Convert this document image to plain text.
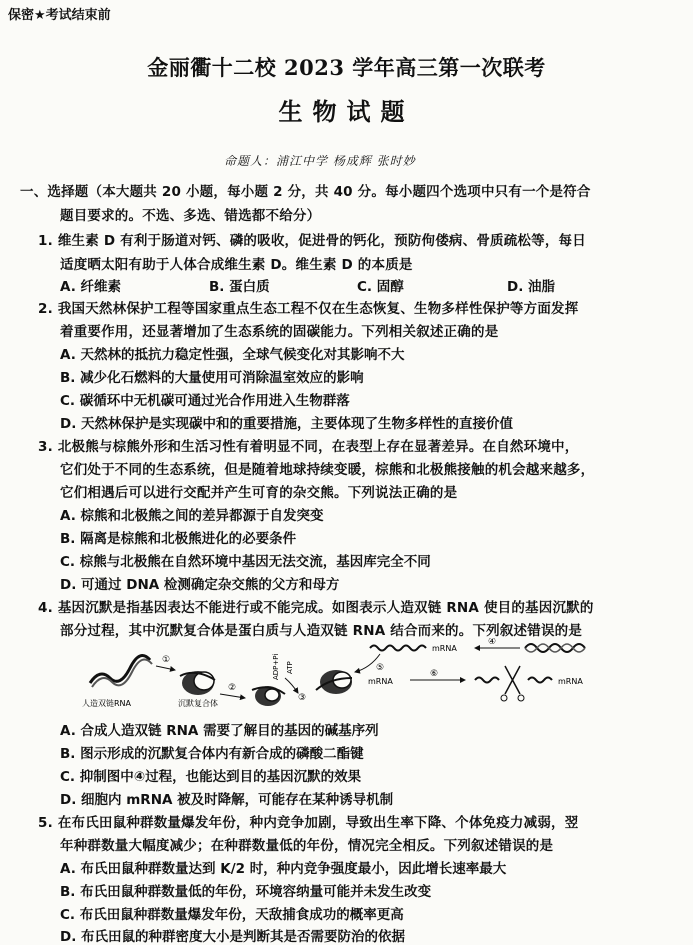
保密★考试结束前
金丽衢十二校 2023 学年高三第一次联考
生物试题
命题人：浦江中学 杨成辉 张时妙
一、选择题（本大题共 20 小题，每小题 2 分，共 40 分。每小题四个选项中只有一个是符合
题目要求的。不选、多选、错选都不给分）
1. 维生素 D 有利于肠道对钙、磷的吸收，促进骨的钙化，预防佝偻病、骨质疏松等，每日
适度晒太阳有助于人体合成维生素 D。维生素 D 的本质是
A. 纤维素	B. 蛋白质	C. 固醇	D. 油脂
2. 我国天然林保护工程等国家重点生态工程不仅在生态恢复、生物多样性保护等方面发挥
着重要作用，还显著增加了生态系统的固碳能力。下列相关叙述正确的是
A. 天然林的抵抗力稳定性强，全球气候变化对其影响不大
B. 减少化石燃料的大量使用可消除温室效应的影响
C. 碳循环中无机碳可通过光合作用进入生物群落
D. 天然林保护是实现碳中和的重要措施，主要体现了生物多样性的直接价值
3. 北极熊与棕熊外形和生活习性有着明显不同，在表型上存在显著差异。在自然环境中，
它们处于不同的生态系统，但是随着地球持续变暖，棕熊和北极熊接触的机会越来越多，
它们相遇后可以进行交配并产生可育的杂交熊。下列说法正确的是
A. 棕熊和北极熊之间的差异都源于自发突变
B. 隔离是棕熊和北极熊进化的必要条件
C. 棕熊与北极熊在自然环境中基因无法交流，基因库完全不同
D. 可通过 DNA 检测确定杂交熊的父方和母方
4. 基因沉默是指基因表达不能进行或不能完成。如图表示人造双链 RNA 使目的基因沉默的
部分过程，其中沉默复合体是蛋白质与人造双链 RNA 结合而来的。下列叙述错误的是
人造双链RNA
①
沉默复合体
②
ADP+Pi ATP
③
mRNA
④
⑤
mRNA
⑥
mRNA
A. 合成人造双链 RNA 需要了解目的基因的碱基序列
B. 图示形成的沉默复合体内有新合成的磷酸二酯键
C. 抑制图中④过程，也能达到目的基因沉默的效果
D. 细胞内 mRNA 被及时降解，可能存在某种诱导机制
5. 在布氏田鼠种群数量爆发年份，种内竞争加剧，导致出生率下降、个体免疫力减弱，翌
年种群数量大幅度减少；在种群数量低的年份，情况完全相反。下列叙述错误的是
A. 布氏田鼠种群数量达到 K/2 时，种内竞争强度最小，因此增长速率最大
B. 布氏田鼠种群数量低的年份，环境容纳量可能并未发生改变
C. 布氏田鼠种群数量爆发年份，天敌捕食成功的概率更高
D. 布氏田鼠的种群密度大小是判断其是否需要防治的依据
